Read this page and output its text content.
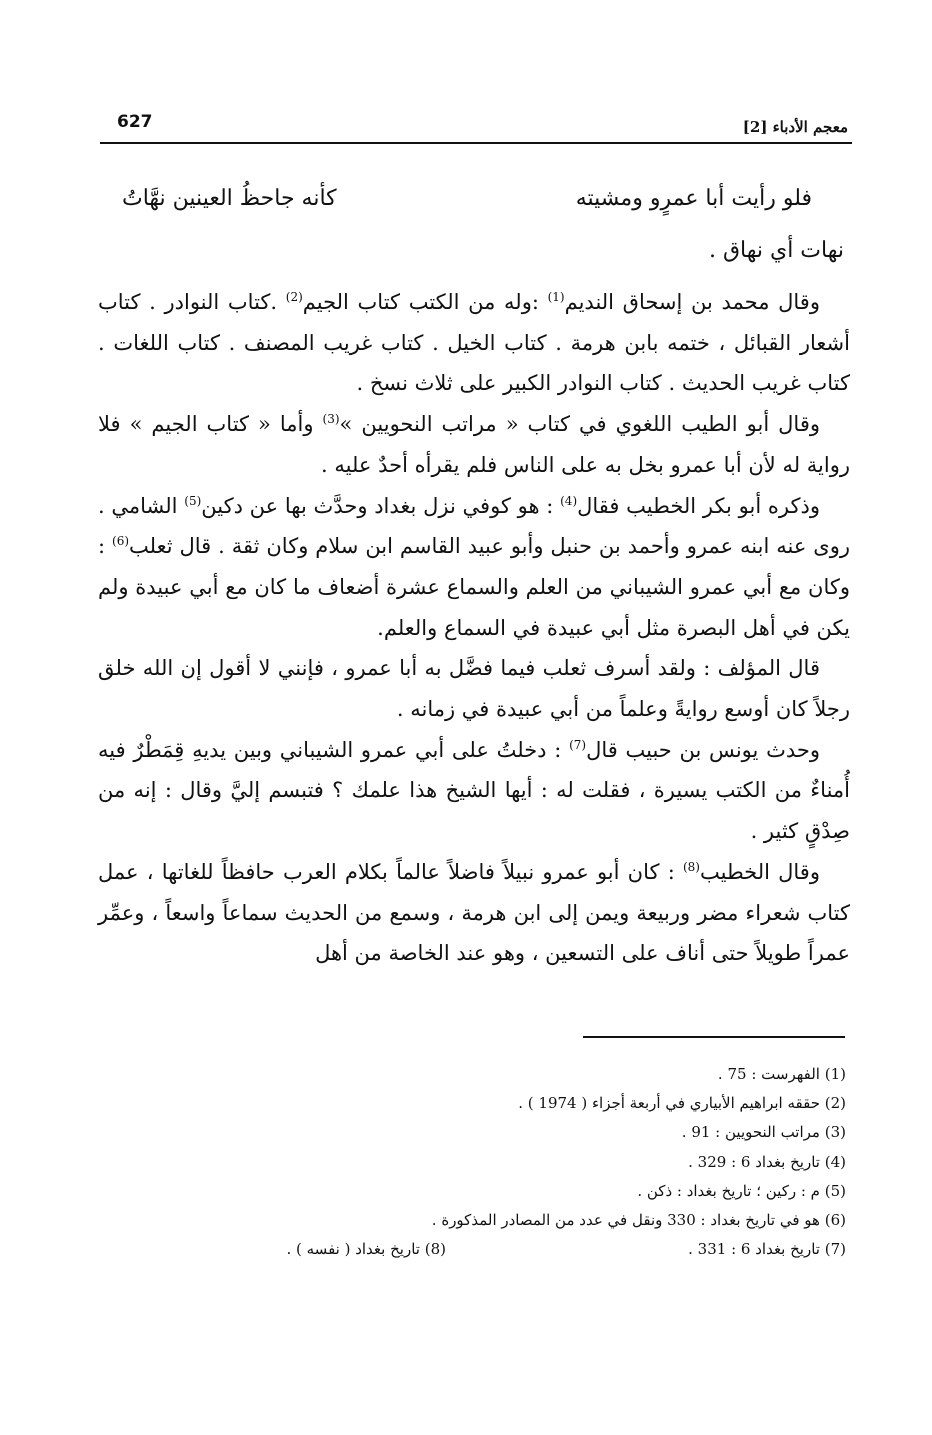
معجم الأدباء [2]
627
فلو رأيت أبا عمرٍو ومشيته
كأنه جاحظُ العينين نهَّاتُ
نهات أي نهاق .

وقال محمد بن إسحاق النديم$^{(1)}$ :وله من الكتب كتاب الجيم$^{(2)}$ .كتاب النوادر . كتاب أشعار القبائل ، ختمه بابن هرمة . كتاب الخيل . كتاب غريب المصنف . كتاب اللغات . كتاب غريب الحديث . كتاب النوادر الكبير على ثلاث نسخ .

وقال أبو الطيب اللغوي في كتاب « مراتب النحويين »$^{(3)}$ وأما « كتاب الجيم » فلا رواية له لأن أبا عمرو بخل به على الناس فلم يقرأه أحدٌ عليه .

وذكره أبو بكر الخطيب فقال$^{(4)}$ : هو كوفي نزل بغداد وحدَّث بها عن دكين$^{(5)}$ الشامي . روى عنه ابنه عمرو وأحمد بن حنبل وأبو عبيد القاسم ابن سلام وكان ثقة . قال ثعلب$^{(6)}$ : وكان مع أبي عمرو الشيباني من العلم والسماع عشرة أضعاف ما كان مع أبي عبيدة ولم يكن في أهل البصرة مثل أبي عبيدة في السماع والعلم.

قال المؤلف : ولقد أسرف ثعلب فيما فضَّل به أبا عمرو ، فإنني لا أقول إن الله خلق رجلاً كان أوسع روايةً وعلماً من أبي عبيدة في زمانه .

وحدث يونس بن حبيب قال$^{(7)}$ : دخلتُ على أبي عمرو الشيباني وبين يديهِ قِمَطْرٌ فيه أُمناءٌ من الكتب يسيرة ، فقلت له : أيها الشيخ هذا علمك ؟ فتبسم إليَّ وقال : إنه من صِدْقٍ كثير .

وقال الخطيب$^{(8)}$ : كان أبو عمرو نبيلاً فاضلاً عالماً بكلام العرب حافظاً للغاتها ، عمل كتاب شعراء مضر وربيعة ويمن إلى ابن هرمة ، وسمع من الحديث سماعاً واسعاً ، وعمِّر عمراً طويلاً حتى أناف على التسعين ، وهو عند الخاصة من أهل

(1) الفهرست : 75 .
(2) حققه ابراهيم الأبياري في أربعة أجزاء ( 1974 ) .
(3) مراتب النحويين : 91 .
(4) تاريخ بغداد 6 : 329 .
(5) م : ركين ؛ تاريخ بغداد : ذكن .
(6) هو في تاريخ بغداد : 330 ونقل في عدد من المصادر المذكورة .
(7) تاريخ بغداد 6 : 331 .
(8) تاريخ بغداد ( نفسه ) .
